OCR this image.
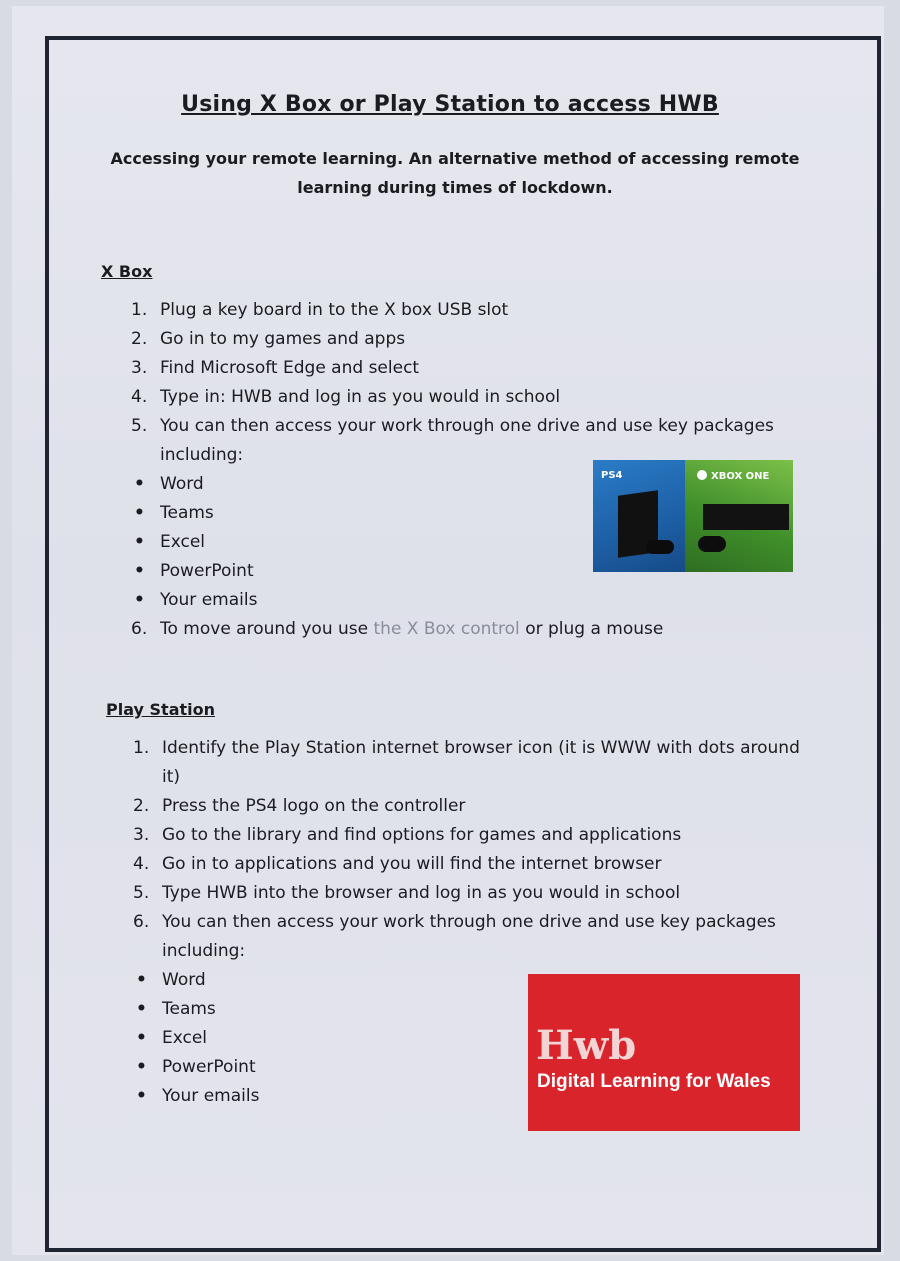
Using X Box or Play Station to access HWB
Accessing your remote learning. An alternative method of accessing remote learning during times of lockdown.
X Box
1. Plug a key board in to the X box USB slot
2. Go in to my games and apps
3. Find Microsoft Edge and select
4. Type in: HWB and log in as you would in school
5. You can then access your work through one drive and use key packages including:
• Word
• Teams
• Excel
• PowerPoint
• Your emails
6. To move around you use the X Box control or plug a mouse
PS4	XBOX ONE
Play Station
1. Identify the Play Station internet browser icon (it is WWW with dots around it)
2. Press the PS4 logo on the controller
3. Go to the library and find options for games and applications
4. Go in to applications and you will find the internet browser
5. Type HWB into the browser and log in as you would in school
6. You can then access your work through one drive and use key packages including:
• Word
• Teams
• Excel
• PowerPoint
• Your emails
Hwb
Digital Learning for Wales
